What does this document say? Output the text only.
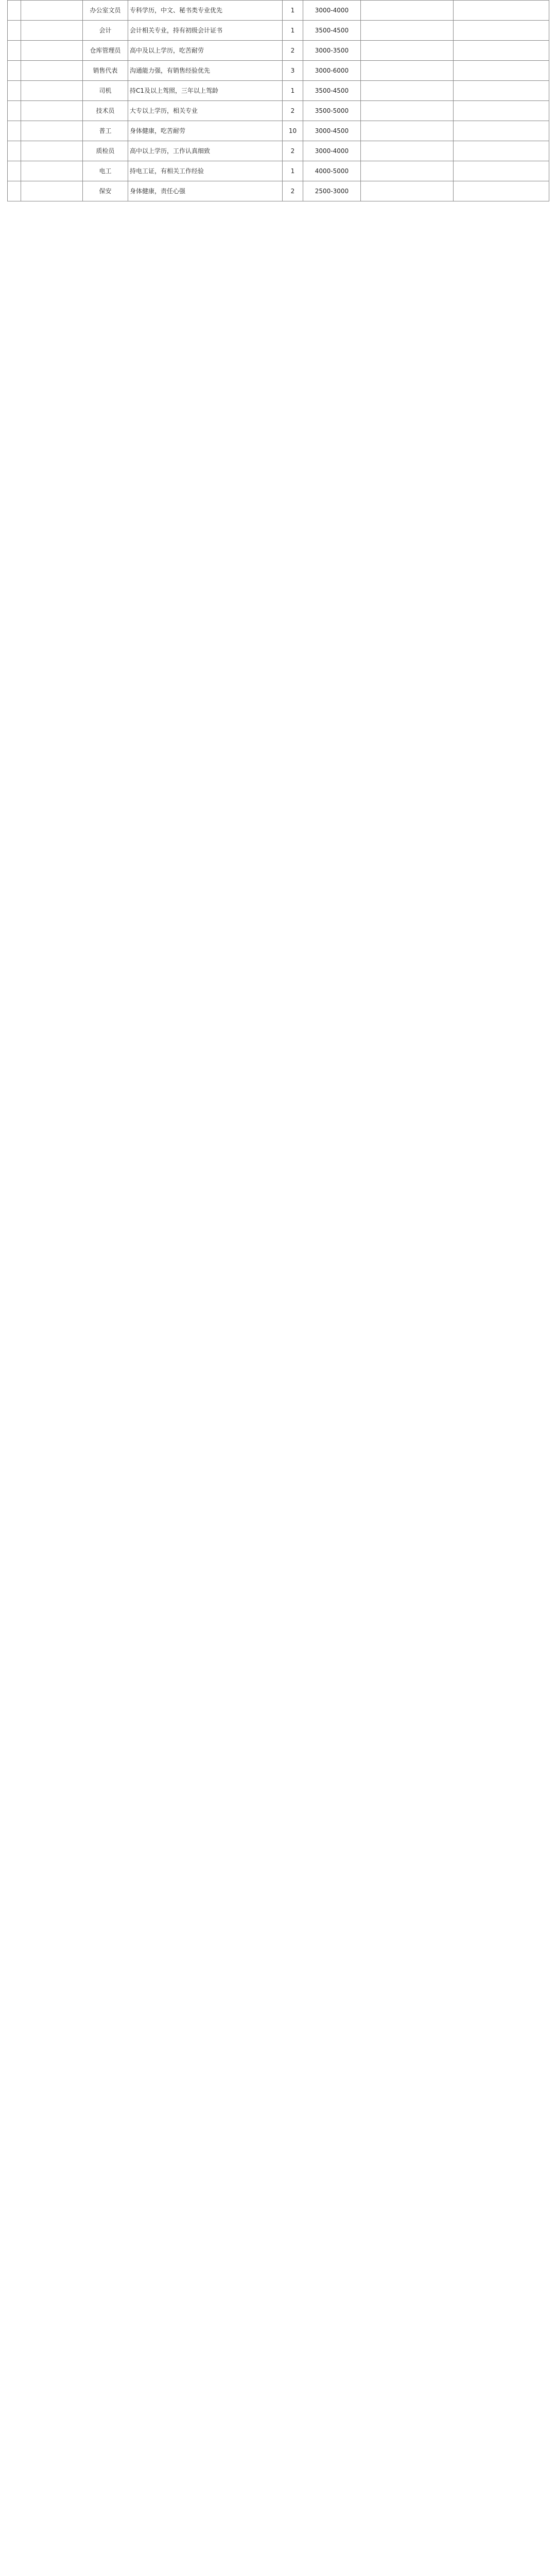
		办公室文员	专科学历，中文、秘书类专业优先	1	3000-4000		
		会计	会计相关专业，持有初级会计证书	1	3500-4500		
		仓库管理员	高中及以上学历，吃苦耐劳	2	3000-3500		
		销售代表	沟通能力强，有销售经验优先	3	3000-6000		
		司机	持C1及以上驾照，三年以上驾龄	1	3500-4500		
		技术员	大专以上学历，相关专业	2	3500-5000		
		普工	身体健康，吃苦耐劳	10	3000-4500		
		质检员	高中以上学历，工作认真细致	2	3000-4000		
		电工	持电工证，有相关工作经验	1	4000-5000		
		保安	身体健康，责任心强	2	2500-3000		
